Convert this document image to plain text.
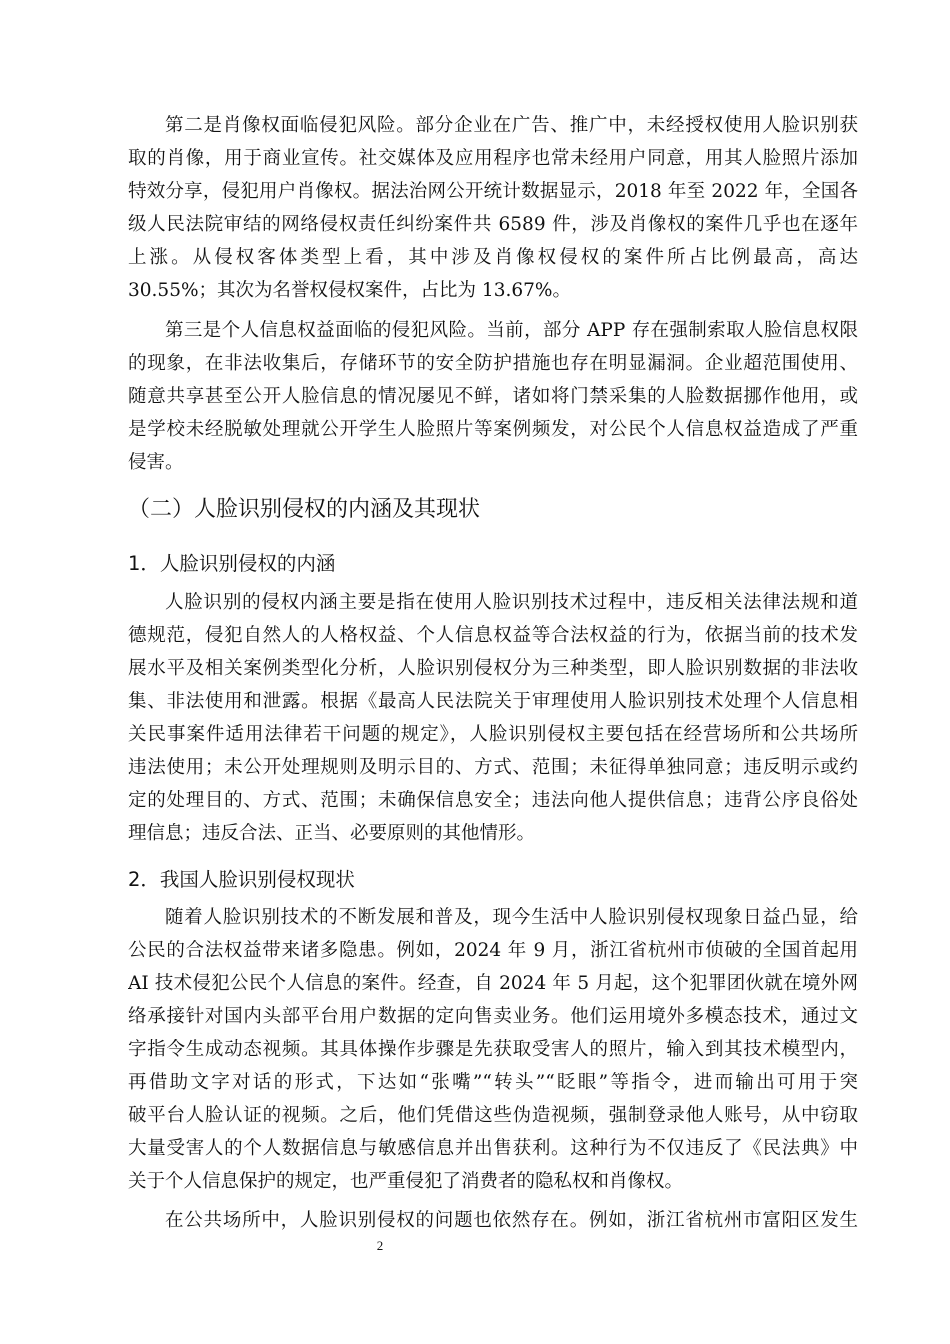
第二是肖像权面临侵犯风险。部分企业在广告、推广中，未经授权使用人脸识别获
取的肖像，用于商业宣传。社交媒体及应用程序也常未经用户同意，用其人脸照片添加
特效分享，侵犯用户肖像权。据法治网公开统计数据显示，2018 年至 2022 年，全国各
级人民法院审结的网络侵权责任纠纷案件共 6589 件，涉及肖像权的案件几乎也在逐年
上涨。从侵权客体类型上看，其中涉及肖像权侵权的案件所占比例最高，高达
30.55%；其次为名誉权侵权案件，占比为 13.67%。
第三是个人信息权益面临的侵犯风险。当前，部分 APP 存在强制索取人脸信息权限
的现象，在非法收集后，存储环节的安全防护措施也存在明显漏洞。企业超范围使用、
随意共享甚至公开人脸信息的情况屡见不鲜，诸如将门禁采集的人脸数据挪作他用，或
是学校未经脱敏处理就公开学生人脸照片等案例频发，对公民个人信息权益造成了严重
侵害。
（二）人脸识别侵权的内涵及其现状
1．人脸识别侵权的内涵
人脸识别的侵权内涵主要是指在使用人脸识别技术过程中，违反相关法律法规和道
德规范，侵犯自然人的人格权益、个人信息权益等合法权益的行为，依据当前的技术发
展水平及相关案例类型化分析，人脸识别侵权分为三种类型，即人脸识别数据的非法收
集、非法使用和泄露。根据《最高人民法院关于审理使用人脸识别技术处理个人信息相
关民事案件适用法律若干问题的规定》，人脸识别侵权主要包括在经营场所和公共场所
违法使用；未公开处理规则及明示目的、方式、范围；未征得单独同意；违反明示或约
定的处理目的、方式、范围；未确保信息安全；违法向他人提供信息；违背公序良俗处
理信息；违反合法、正当、必要原则的其他情形。
2．我国人脸识别侵权现状
随着人脸识别技术的不断发展和普及，现今生活中人脸识别侵权现象日益凸显，给
公民的合法权益带来诸多隐患。例如，2024 年 9 月，浙江省杭州市侦破的全国首起用
AI 技术侵犯公民个人信息的案件。经查，自 2024 年 5 月起，这个犯罪团伙就在境外网
络承接针对国内头部平台用户数据的定向售卖业务。他们运用境外多模态技术，通过文
字指令生成动态视频。其具体操作步骤是先获取受害人的照片，输入到其技术模型内，
再借助文字对话的形式，下达如“张嘴”“转头”“眨眼”等指令，进而输出可用于突
破平台人脸认证的视频。之后，他们凭借这些伪造视频，强制登录他人账号，从中窃取
大量受害人的个人数据信息与敏感信息并出售获利。这种行为不仅违反了《民法典》中
关于个人信息保护的规定，也严重侵犯了消费者的隐私权和肖像权。
在公共场所中，人脸识别侵权的问题也依然存在。例如，浙江省杭州市富阳区发生
2
